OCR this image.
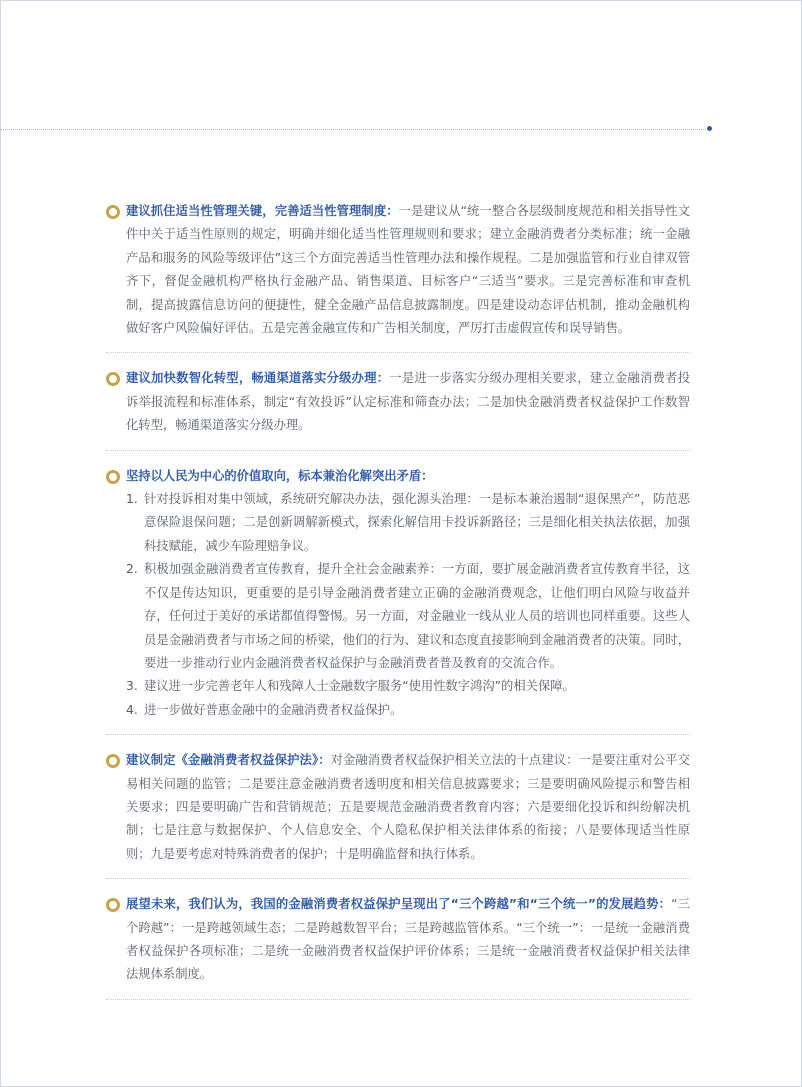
建议抓住适当性管理关键，完善适当性管理制度：一是建议从“统一整合各层级制度规范和相关指导性文件中关于适当性原则的规定，明确并细化适当性管理规则和要求；建立金融消费者分类标准；统一金融产品和服务的风险等级评估”这三个方面完善适当性管理办法和操作规程。二是加强监管和行业自律双管齐下，督促金融机构严格执行金融产品、销售渠道、目标客户“三适当”要求。三是完善标准和审查机制，提高披露信息访问的便捷性，健全金融产品信息披露制度。四是建设动态评估机制，推动金融机构做好客户风险偏好评估。五是完善金融宣传和广告相关制度，严厉打击虚假宣传和误导销售。

建议加快数智化转型，畅通渠道落实分级办理：一是进一步落实分级办理相关要求，建立金融消费者投诉举报流程和标准体系，制定“有效投诉”认定标准和筛查办法；二是加快金融消费者权益保护工作数智化转型，畅通渠道落实分级办理。

坚持以人民为中心的价值取向，标本兼治化解突出矛盾：

1. 针对投诉相对集中领域，系统研究解决办法，强化源头治理：一是标本兼治遏制“退保黑产”，防范恶意保险退保问题；二是创新调解新模式，探索化解信用卡投诉新路径；三是细化相关执法依据，加强科技赋能，减少车险理赔争议。
2. 积极加强金融消费者宣传教育，提升全社会金融素养：一方面，要扩展金融消费者宣传教育半径，这不仅是传达知识，更重要的是引导金融消费者建立正确的金融消费观念，让他们明白风险与收益并存，任何过于美好的承诺都值得警惕。另一方面，对金融业一线从业人员的培训也同样重要。这些人员是金融消费者与市场之间的桥梁，他们的行为、建议和态度直接影响到金融消费者的决策。同时，要进一步推动行业内金融消费者权益保护与金融消费者普及教育的交流合作。
3. 建议进一步完善老年人和残障人士金融数字服务“使用性数字鸿沟”的相关保障。
4. 进一步做好普惠金融中的金融消费者权益保护。

建议制定《金融消费者权益保护法》：对金融消费者权益保护相关立法的十点建议：一是要注重对公平交易相关问题的监管；二是要注意金融消费者透明度和相关信息披露要求；三是要明确风险提示和警告相关要求；四是要明确广告和营销规范；五是要规范金融消费者教育内容；六是要细化投诉和纠纷解决机制；七是注意与数据保护、个人信息安全、个人隐私保护相关法律体系的衔接；八是要体现适当性原则；九是要考虑对特殊消费者的保护；十是明确监督和执行体系。

展望未来，我们认为，我国的金融消费者权益保护呈现出了“三个跨越”和“三个统一”的发展趋势：“三个跨越”：一是跨越领域生态；二是跨越数智平台；三是跨越监管体系。“三个统一”：一是统一金融消费者权益保护各项标准；二是统一金融消费者权益保护评价体系；三是统一金融消费者权益保护相关法律法规体系制度。
